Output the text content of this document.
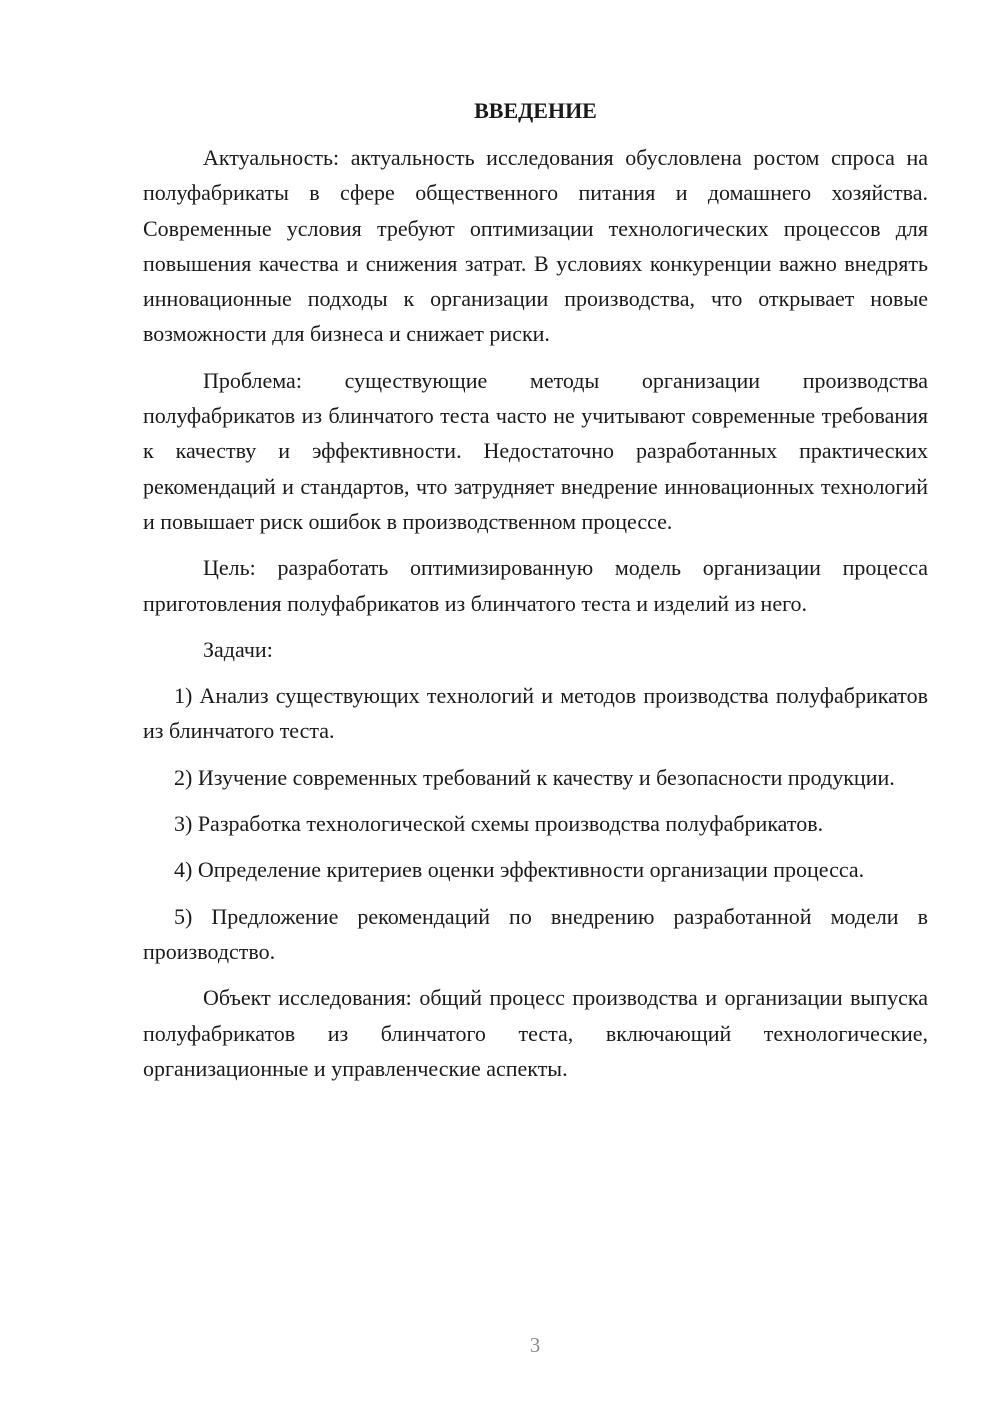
ВВЕДЕНИЕ

Актуальность: актуальность исследования обусловлена ростом спроса на полуфабрикаты в сфере общественного питания и домашнего хозяйства. Современные условия требуют оптимизации технологических процессов для повышения качества и снижения затрат. В условиях конкуренции важно внедрять инновационные подходы к организации производства, что открывает новые возможности для бизнеса и снижает риски.

Проблема: существующие методы организации производства полуфабрикатов из блинчатого теста часто не учитывают современные требования к качеству и эффективности. Недостаточно разработанных практических рекомендаций и стандартов, что затрудняет внедрение инновационных технологий и повышает риск ошибок в производственном процессе.

Цель: разработать оптимизированную модель организации процесса приготовления полуфабрикатов из блинчатого теста и изделий из него.

Задачи:

1) Анализ существующих технологий и методов производства полуфабрикатов из блинчатого теста.

2) Изучение современных требований к качеству и безопасности продукции.

3) Разработка технологической схемы производства полуфабрикатов.

4) Определение критериев оценки эффективности организации процесса.

5) Предложение рекомендаций по внедрению разработанной модели в производство.

Объект исследования: общий процесс производства и организации выпуска полуфабрикатов из блинчатого теста, включающий технологические, организационные и управленческие аспекты.

3
